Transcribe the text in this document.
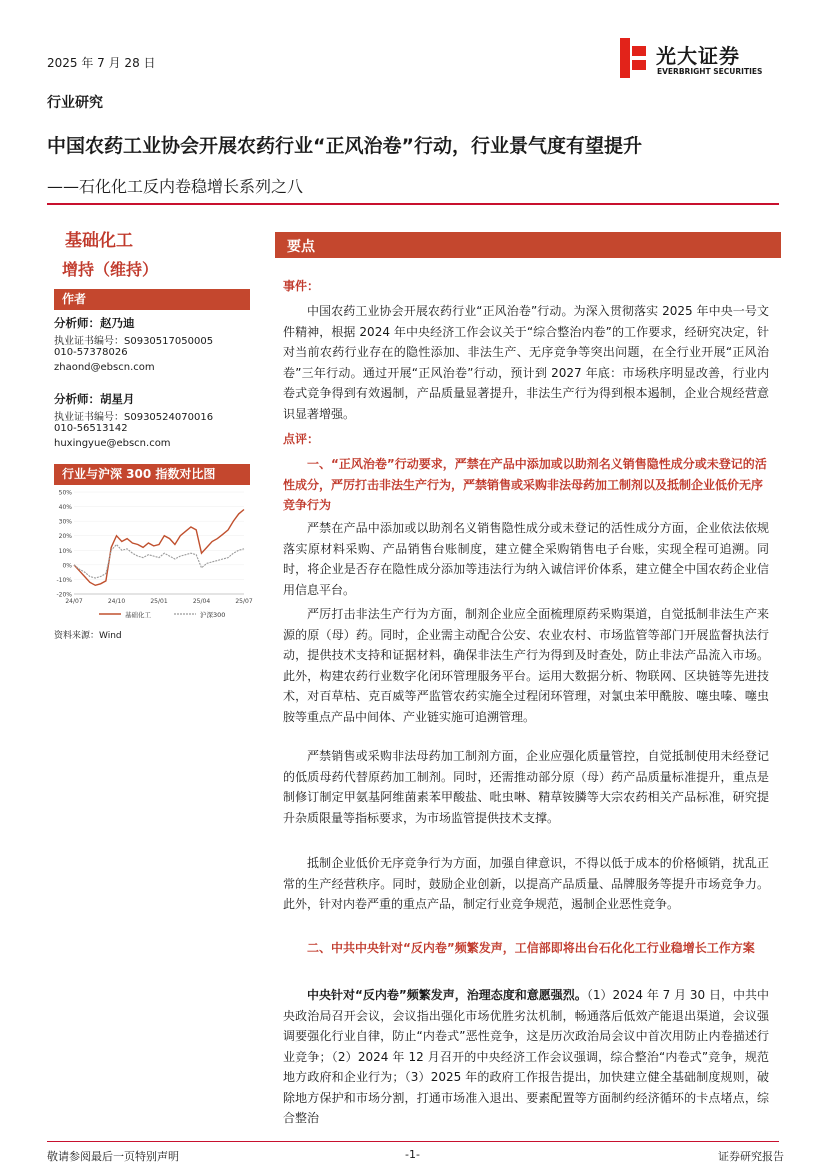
2025 年 7 月 28 日	光大证券
EVERBRIGHT SECURITIES
行业研究
中国农药工业协会开展农药行业“正风治卷”行动，行业景气度有望提升
——石化化工反内卷稳增长系列之八
基础化工
增持（维持）
作者
分析师：赵乃迪
执业证书编号：S0930517050005
010-57378026
zhaond@ebscn.com
分析师：胡星月
执业证书编号：S0930524070016
010-56513142
huxingyue@ebscn.com
行业与沪深 300 指数对比图
50%
40%
30%
20%
10%
0%
-10%
-20%
24/07	24/10	25/01	25/04	25/07
基础化工	沪深300
资料来源：Wind
要点
事件：

中国农药工业协会开展农药行业“正风治卷”行动。为深入贯彻落实 2025 年中央一号文件精神，根据 2024 年中央经济工作会议关于“综合整治内卷”的工作要求，经研究决定，针对当前农药行业存在的隐性添加、非法生产、无序竞争等突出问题，在全行业开展“正风治卷”三年行动。通过开展“正风治卷”行动，预计到 2027 年底：市场秩序明显改善，行业内卷式竞争得到有效遏制，产品质量显著提升，非法生产行为得到根本遏制，企业合规经营意识显著增强。

点评：
一、“正风治卷”行动要求，严禁在产品中添加或以助剂名义销售隐性成分或未登记的活性成分，严厉打击非法生产行为，严禁销售或采购非法母药加工制剂以及抵制企业低价无序竞争行为

严禁在产品中添加或以助剂名义销售隐性成分或未登记的活性成分方面，企业依法依规落实原材料采购、产品销售台账制度，建立健全采购销售电子台账，实现全程可追溯。同时，将企业是否存在隐性成分添加等违法行为纳入诚信评价体系，建立健全中国农药企业信用信息平台。

严厉打击非法生产行为方面，制剂企业应全面梳理原药采购渠道，自觉抵制非法生产来源的原（母）药。同时，企业需主动配合公安、农业农村、市场监管等部门开展监督执法行动，提供技术支持和证据材料，确保非法生产行为得到及时查处，防止非法产品流入市场。此外，构建农药行业数字化闭环管理服务平台。运用大数据分析、物联网、区块链等先进技术，对百草枯、克百威等严监管农药实施全过程闭环管理，对氯虫苯甲酰胺、噻虫嗪、噻虫胺等重点产品中间体、产业链实施可追溯管理。

严禁销售或采购非法母药加工制剂方面，企业应强化质量管控，自觉抵制使用未经登记的低质母药代替原药加工制剂。同时，还需推动部分原（母）药产品质量标准提升，重点是制修订制定甲氨基阿维菌素苯甲酸盐、吡虫啉、精草铵膦等大宗农药相关产品标准，研究提升杂质限量等指标要求，为市场监管提供技术支撑。

抵制企业低价无序竞争行为方面，加强自律意识，不得以低于成本的价格倾销，扰乱正常的生产经营秩序。同时，鼓励企业创新，以提高产品质量、品牌服务等提升市场竞争力。此外，针对内卷严重的重点产品，制定行业竞争规范，遏制企业恶性竞争。

二、中共中央针对“反内卷”频繁发声，工信部即将出台石化化工行业稳增长工作方案

中央针对“反内卷”频繁发声，治理态度和意愿强烈。（1）2024 年 7 月 30 日，中共中央政治局召开会议，会议指出强化市场优胜劣汰机制，畅通落后低效产能退出渠道，会议强调要强化行业自律，防止“内卷式”恶性竞争，这是历次政治局会议中首次用防止内卷描述行业竞争；（2）2024 年 12 月召开的中央经济工作会议强调，综合整治“内卷式”竞争，规范地方政府和企业行为；（3）2025 年的政府工作报告提出，加快建立健全基础制度规则，破除地方保护和市场分割，打通市场准入退出、要素配置等方面制约经济循环的卡点堵点，综合整治

敬请参阅最后一页特别声明	-1-	证券研究报告
